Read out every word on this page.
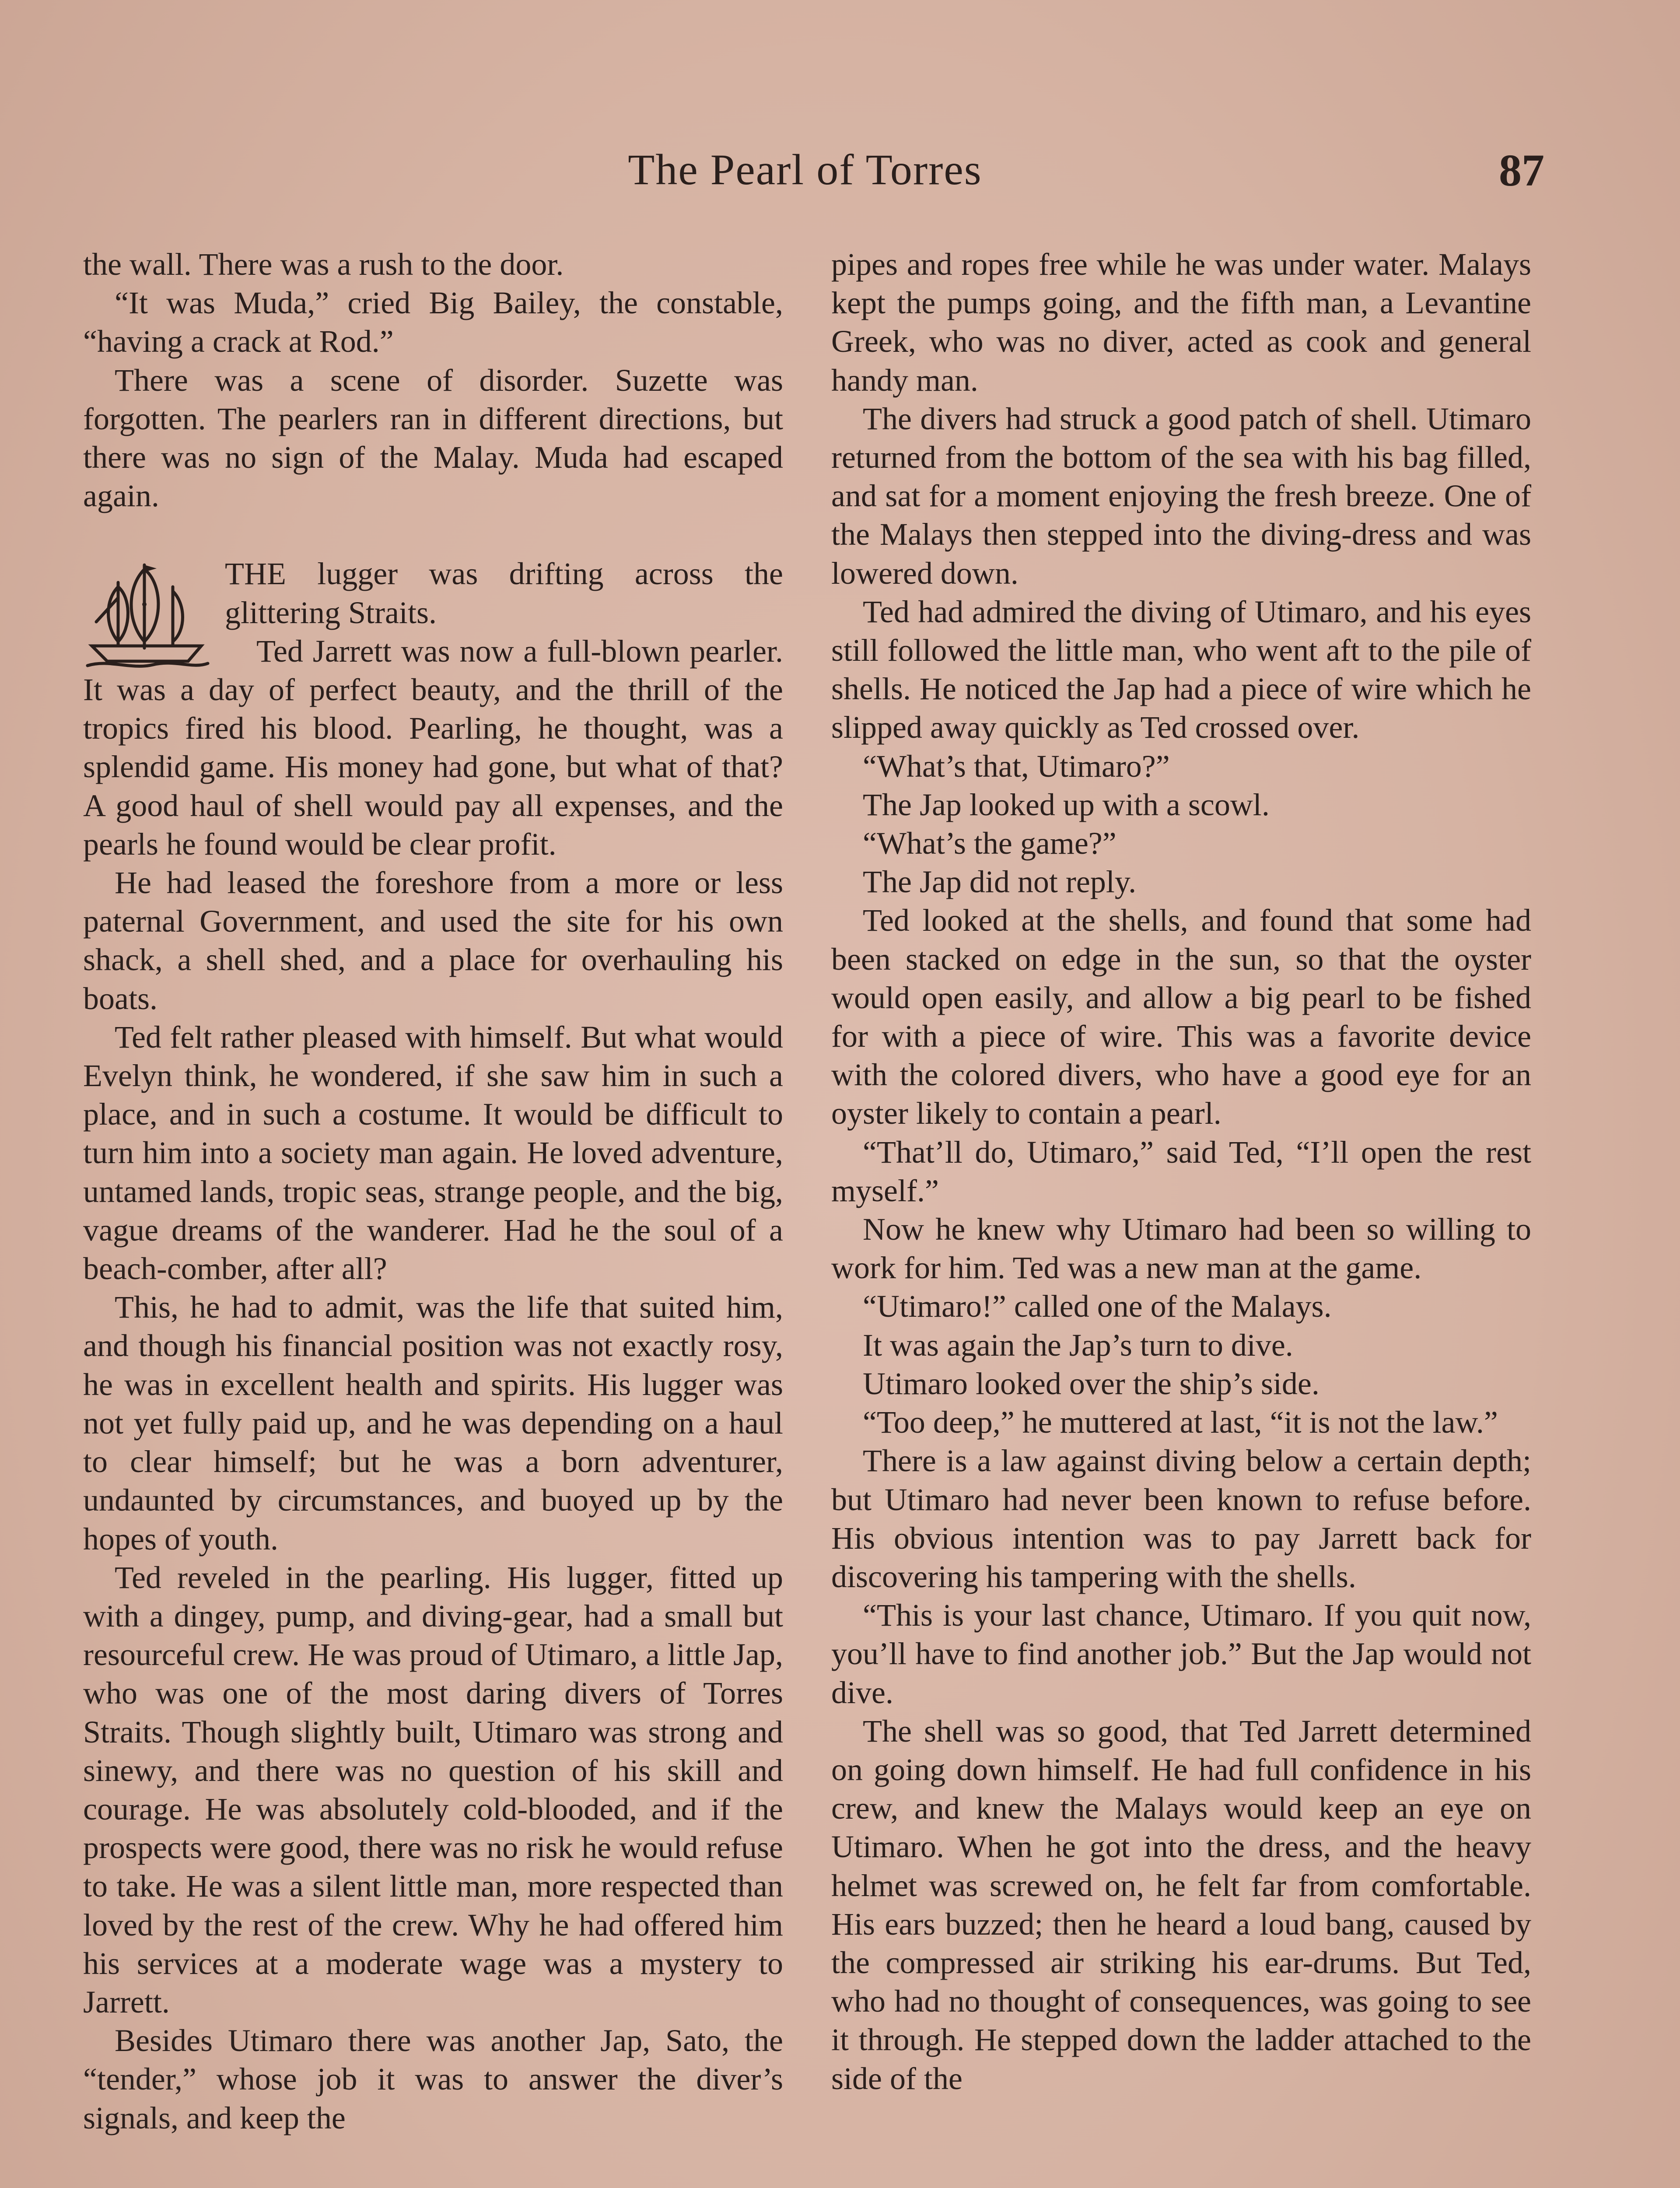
The Pearl of Torres	87

the wall. There was a rush to the door.

“It was Muda,” cried Big Bailey, the constable, “having a crack at Rod.”

There was a scene of disorder. Suzette was forgotten. The pearlers ran in different directions, but there was no sign of the Malay. Muda had escaped again.

THE lugger was drifting across the glittering Straits.

Ted Jarrett was now a full-blown pearler. It was a day of perfect beauty, and the thrill of the tropics fired his blood. Pearling, he thought, was a splendid game. His money had gone, but what of that? A good haul of shell would pay all expenses, and the pearls he found would be clear profit.

He had leased the foreshore from a more or less paternal Government, and used the site for his own shack, a shell shed, and a place for overhauling his boats.

Ted felt rather pleased with himself. But what would Evelyn think, he wondered, if she saw him in such a place, and in such a costume. It would be difficult to turn him into a society man again. He loved adventure, untamed lands, tropic seas, strange people, and the big, vague dreams of the wanderer. Had he the soul of a beach-comber, after all?

This, he had to admit, was the life that suited him, and though his financial position was not exactly rosy, he was in excellent health and spirits. His lugger was not yet fully paid up, and he was depending on a haul to clear himself; but he was a born adventurer, undaunted by circumstances, and buoyed up by the hopes of youth.

Ted reveled in the pearling. His lugger, fitted up with a dingey, pump, and diving-gear, had a small but resourceful crew. He was proud of Utimaro, a little Jap, who was one of the most daring divers of Torres Straits. Though slightly built, Utimaro was strong and sinewy, and there was no question of his skill and courage. He was absolutely cold-blooded, and if the prospects were good, there was no risk he would refuse to take. He was a silent little man, more respected than loved by the rest of the crew. Why he had offered him his services at a moderate wage was a mystery to Jarrett.

Besides Utimaro there was another Jap, Sato, the “tender,” whose job it was to answer the diver’s signals, and keep the

pipes and ropes free while he was under water. Malays kept the pumps going, and the fifth man, a Levantine Greek, who was no diver, acted as cook and general handy man.

The divers had struck a good patch of shell. Utimaro returned from the bottom of the sea with his bag filled, and sat for a moment enjoying the fresh breeze. One of the Malays then stepped into the diving-dress and was lowered down.

Ted had admired the diving of Utimaro, and his eyes still followed the little man, who went aft to the pile of shells. He noticed the Jap had a piece of wire which he slipped away quickly as Ted crossed over.

“What’s that, Utimaro?”

The Jap looked up with a scowl.

“What’s the game?”

The Jap did not reply.

Ted looked at the shells, and found that some had been stacked on edge in the sun, so that the oyster would open easily, and allow a big pearl to be fished for with a piece of wire. This was a favorite device with the colored divers, who have a good eye for an oyster likely to contain a pearl.

“That’ll do, Utimaro,” said Ted, “I’ll open the rest myself.”

Now he knew why Utimaro had been so willing to work for him. Ted was a new man at the game.

“Utimaro!” called one of the Malays.

It was again the Jap’s turn to dive.

Utimaro looked over the ship’s side.

“Too deep,” he muttered at last, “it is not the law.”

There is a law against diving below a certain depth; but Utimaro had never been known to refuse before. His obvious intention was to pay Jarrett back for discovering his tampering with the shells.

“This is your last chance, Utimaro. If you quit now, you’ll have to find another job.” But the Jap would not dive.

The shell was so good, that Ted Jarrett determined on going down himself. He had full confidence in his crew, and knew the Malays would keep an eye on Utimaro. When he got into the dress, and the heavy helmet was screwed on, he felt far from comfortable. His ears buzzed; then he heard a loud bang, caused by the compressed air striking his ear-drums. But Ted, who had no thought of consequences, was going to see it through. He stepped down the ladder attached to the side of the
